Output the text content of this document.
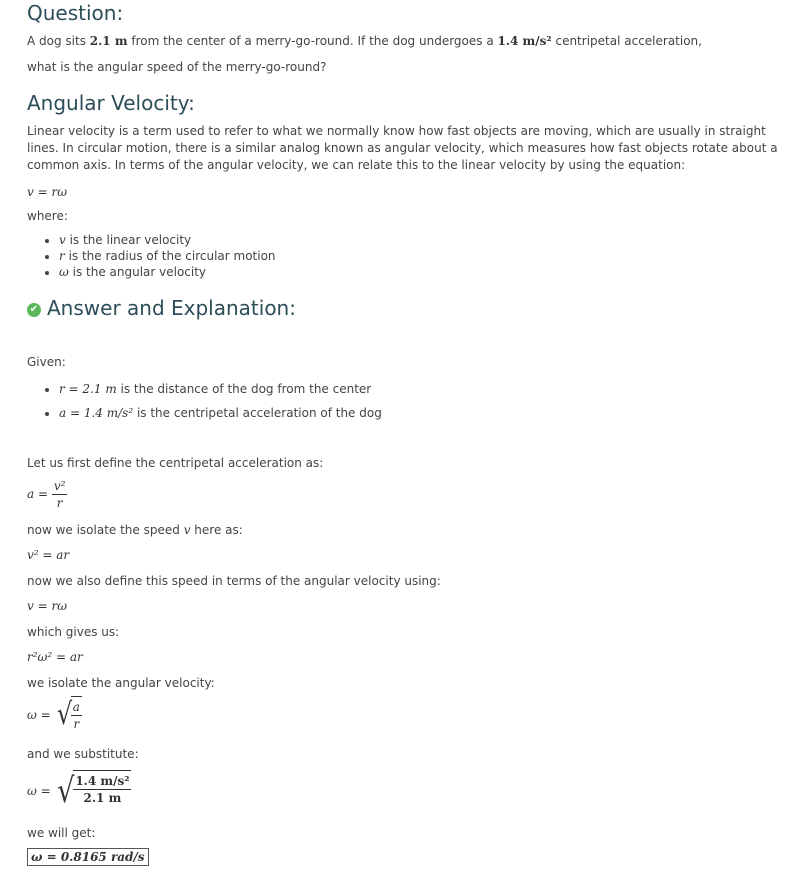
Question:

A dog sits 2.1 m from the center of a merry-go-round. If the dog undergoes a 1.4 m/s² centripetal acceleration,

what is the angular speed of the merry-go-round?

Angular Velocity:

Linear velocity is a term used to refer to what we normally know how fast objects are moving, which are usually in straight lines. In circular motion, there is a similar analog known as angular velocity, which measures how fast objects rotate about a common axis. In terms of the angular velocity, we can relate this to the linear velocity by using the equation:

v = rω

where:

• v is the linear velocity
• r is the radius of the circular motion
• ω is the angular velocity
✔ Answer and Explanation:

Given:

• r = 2.1 m is the distance of the dog from the center
• a = 1.4 m/s² is the centripetal acceleration of the dog

Let us first define the centripetal acceleration as:

$a = \frac{\text{v²}}{r}$

now we isolate the speed v here as:

v² = ar

now we also define this speed in terms of the angular velocity using:

v = rω

which gives us:

r²ω² = ar

we isolate the angular velocity:

ω = √
$\frac{a}{r}$

and we substitute:

ω = √ $\frac{\text{1.4 m/s²}}{2.1 m}$

we will get:

ω = 0.8165 rad/s
